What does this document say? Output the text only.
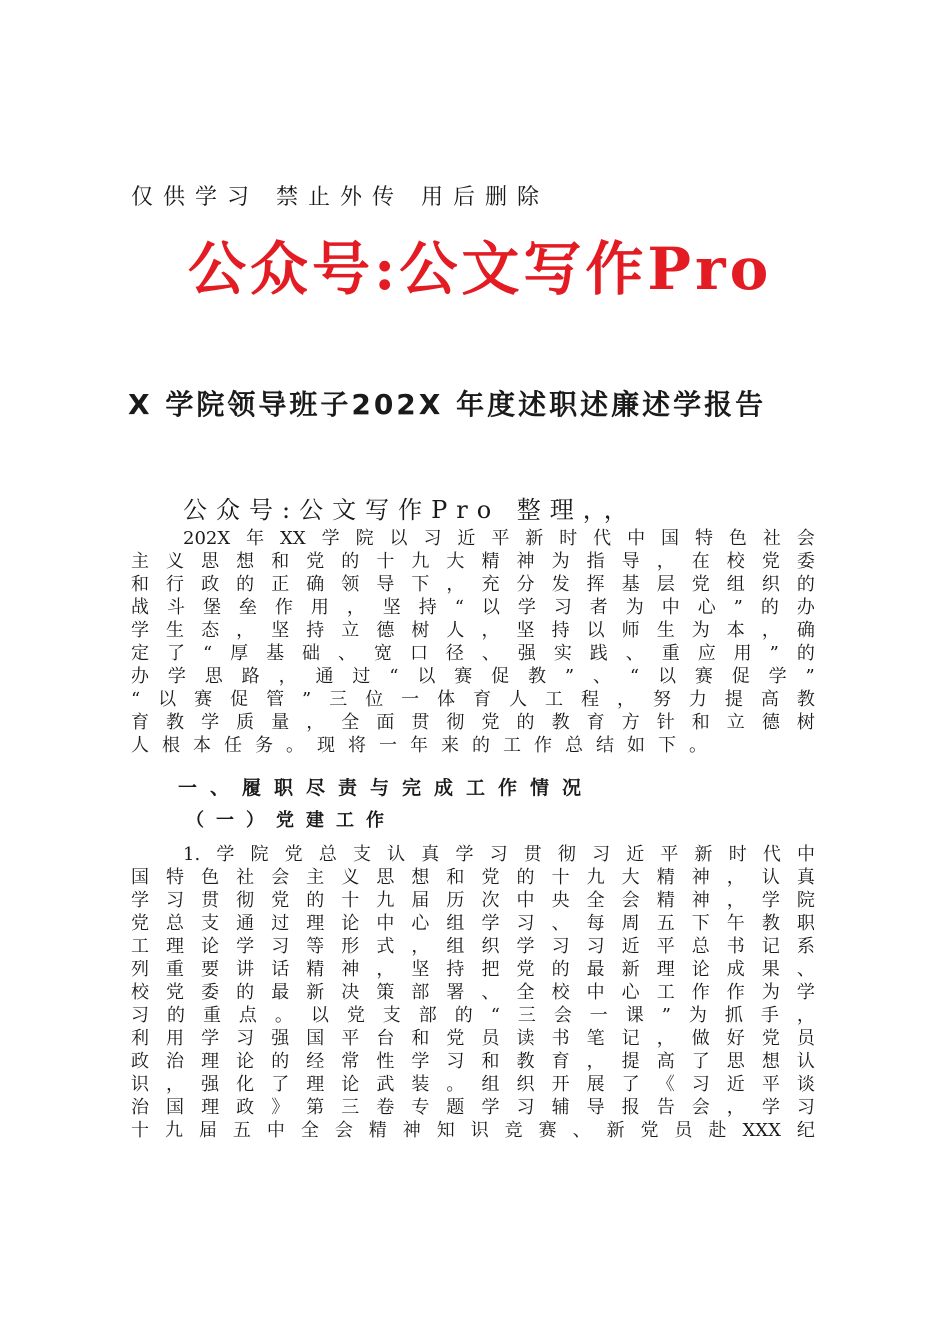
仅供学习 禁止外传 用后删除
公众号:公文写作Pro
X 学院领导班子202X 年度述职述廉述学报告
公众号:公文写作Pro 整理，，
202X 年 XX 学 院 以 习 近 平 新 时 代 中 国 特 色 社 会
主 义 思 想 和 党 的 十 九 大 精 神 为 指 导 ， 在 校 党 委
和 行 政 的 正 确 领 导 下 ， 充 分 发 挥 基 层 党 组 织 的
战 斗 堡 垒 作 用 ， 坚 持 “ 以 学 习 者 为 中 心 ” 的 办
学 生 态 ， 坚 持 立 德 树 人 ， 坚 持 以 师 生 为 本 ， 确
定 了 “ 厚 基 础 、 宽 口 径 、 强 实 践 、 重 应 用 ” 的
办 学 思 路 ， 通 过 “ 以 赛 促 教 ” 、 “ 以 赛 促 学 ”
“ 以 赛 促 管 ” 三 位 一 体 育 人 工 程 ， 努 力 提 高 教
育 教 学 质 量 ， 全 面 贯 彻 党 的 教 育 方 针 和 立 德 树
人 根 本 任 务 。 现 将 一 年 来 的 工 作 总 结 如 下 。
一、履职尽责与完成工作情况
（一）党建工作
1. 学 院 党 总 支 认 真 学 习 贯 彻 习 近 平 新 时 代 中
国 特 色 社 会 主 义 思 想 和 党 的 十 九 大 精 神 ， 认 真
学 习 贯 彻 党 的 十 九 届 历 次 中 央 全 会 精 神 ， 学 院
党 总 支 通 过 理 论 中 心 组 学 习 、 每 周 五 下 午 教 职
工 理 论 学 习 等 形 式 ， 组 织 学 习 习 近 平 总 书 记 系
列 重 要 讲 话 精 神 ， 坚 持 把 党 的 最 新 理 论 成 果 、
校 党 委 的 最 新 决 策 部 署 、 全 校 中 心 工 作 作 为 学
习 的 重 点 。 以 党 支 部 的 “ 三 会 一 课 ” 为 抓 手 ，
利 用 学 习 强 国 平 台 和 党 员 读 书 笔 记 ， 做 好 党 员
政 治 理 论 的 经 常 性 学 习 和 教 育 ， 提 高 了 思 想 认
识 ， 强 化 了 理 论 武 装 。 组 织 开 展 了 《 习 近 平 谈
治 国 理 政 》 第 三 卷 专 题 学 习 辅 导 报 告 会 ， 学 习
十 九 届 五 中 全 会 精 神 知 识 竞 赛 、 新 党 员 赴 XXX 纪
